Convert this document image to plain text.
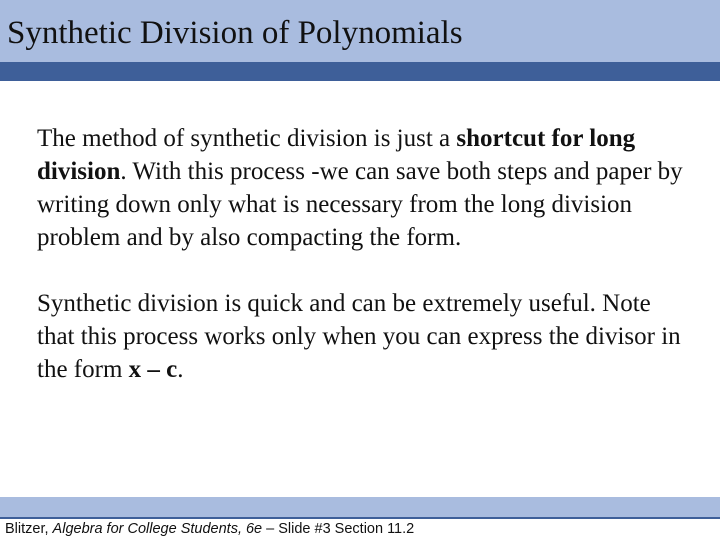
Synthetic Division of Polynomials

The method of synthetic division is just a shortcut for long division. With this process -we can save both steps and paper by writing down only what is necessary from the long division problem and by also compacting the form.

Synthetic division is quick and can be extremely useful. Note that this process works only when you can express the divisor in the form x – c.

Blitzer, Algebra for College Students, 6e – Slide #3 Section 11.2
